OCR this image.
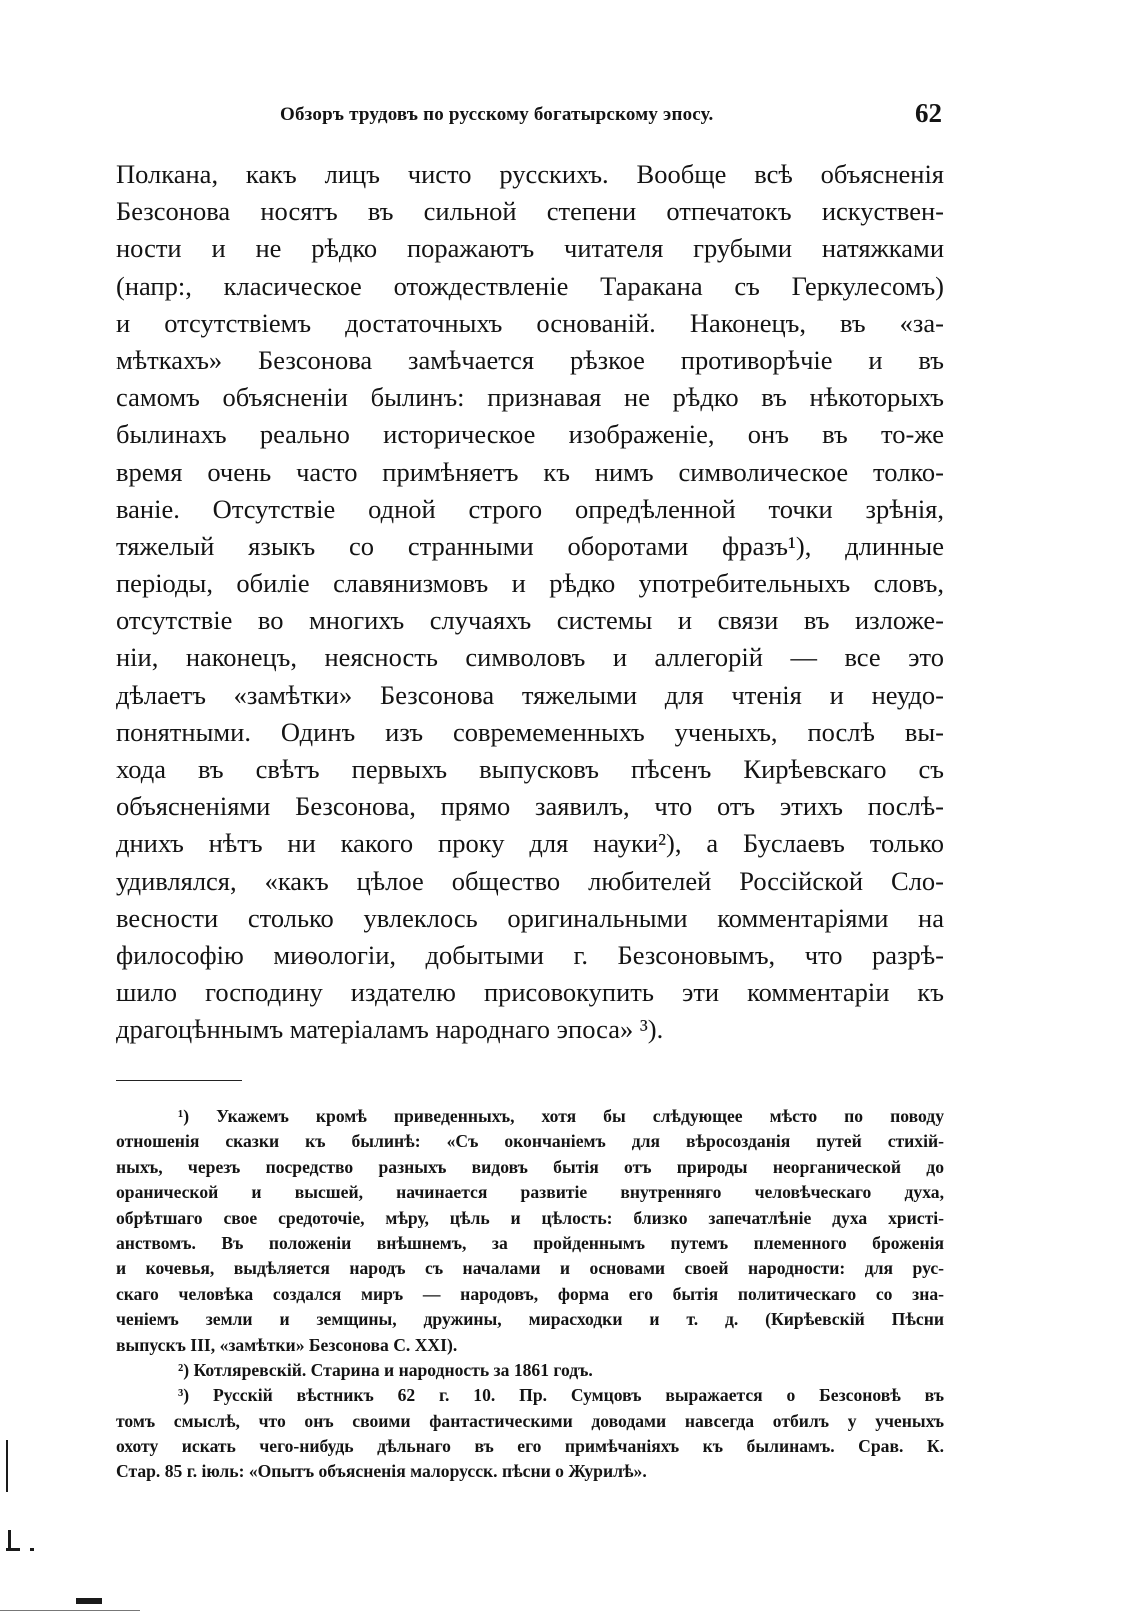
Обзоръ трудовъ по русскому богатырскому эпосу.	62
Полкана, какъ лицъ чисто русскихъ. Вообще всѣ объясненія
Безсонова носятъ въ сильной степени отпечатокъ искуствен-
ности и не рѣдко поражаютъ читателя грубыми натяжками
(напр:, класическое отождествленіе Таракана съ Геркулесомъ)
и отсутствіемъ достаточныхъ основаній. Наконецъ, въ «за-
мѣткахъ» Безсонова замѣчается рѣзкое противорѣчіе и въ
самомъ объясненіи былинъ: признавая не рѣдко въ нѣкоторыхъ
былинахъ реально историческое изображеніе, онъ въ то-же
время очень часто примѣняетъ къ нимъ символическое толко-
ваніе. Отсутствіе одной строго опредѣленной точки зрѣнія,
тяжелый языкъ со странными оборотами фразъ¹), длинные
періоды, обиліе славянизмовъ и рѣдко употребительныхъ словъ,
отсутствіе во многихъ случаяхъ системы и связи въ изложе-
ніи, наконецъ, неясность символовъ и аллегорій — все это
дѣлаетъ «замѣтки» Безсонова тяжелыми для чтенія и неудо-
понятными. Одинъ изъ совремеменныхъ ученыхъ, послѣ вы-
хода въ свѣтъ первыхъ выпусковъ пѣсенъ Кирѣевскаго съ
объясненіями Безсонова, прямо заявилъ, что отъ этихъ послѣ-
днихъ нѣтъ ни какого проку для науки²), а Буслаевъ только
удивлялся, «какъ цѣлое общество любителей Россійской Сло-
весности столько увлеклось оригинальными комментаріями на
философію миѳологіи, добытыми г. Безсоновымъ, что разрѣ-
шило господину издателю присовокупить эти комментаріи къ
драгоцѣннымъ матеріаламъ народнаго эпоса» ³).
¹) Укажемъ кромѣ приведенныхъ, хотя бы слѣдующее мѣсто по поводу
отношенія сказки къ былинѣ: «Съ окончаніемъ для вѣросозданія путей стихій-
ныхъ, черезъ посредство разныхъ видовъ бытія отъ природы неорганической до
оранической и высшей, начинается развитіе внутренняго человѣческаго духа,
обрѣтшаго свое средоточіе, мѣру, цѣль и цѣлость: близко запечатлѣніе духа христі-
анствомъ. Въ положеніи внѣшнемъ, за пройденнымъ путемъ племенного броженія
и кочевья, выдѣляется народъ съ началами и основами своей народности: для рус-
скаго человѣка создался миръ — народовъ, форма его бытія политическаго со зна-
ченіемъ земли и земщины, дружины, мирасходки и т. д. (Кирѣевскій Пѣсни
выпускъ III, «замѣтки» Безсонова С. XXI).
²) Котляревскій. Старина и народность за 1861 годъ.
³) Русскій вѣстникъ 62 г. 10. Пр. Сумцовъ выражается о Безсоновѣ въ
томъ смыслѣ, что онъ своими фантастическими доводами навсегда отбилъ у ученыхъ
охоту искать чего-нибудь дѣльнаго въ его примѣчаніяхъ къ былинамъ. Срав. К.
Стар. 85 г. іюль: «Опытъ объясненія малорусск. пѣсни о Журилѣ».
